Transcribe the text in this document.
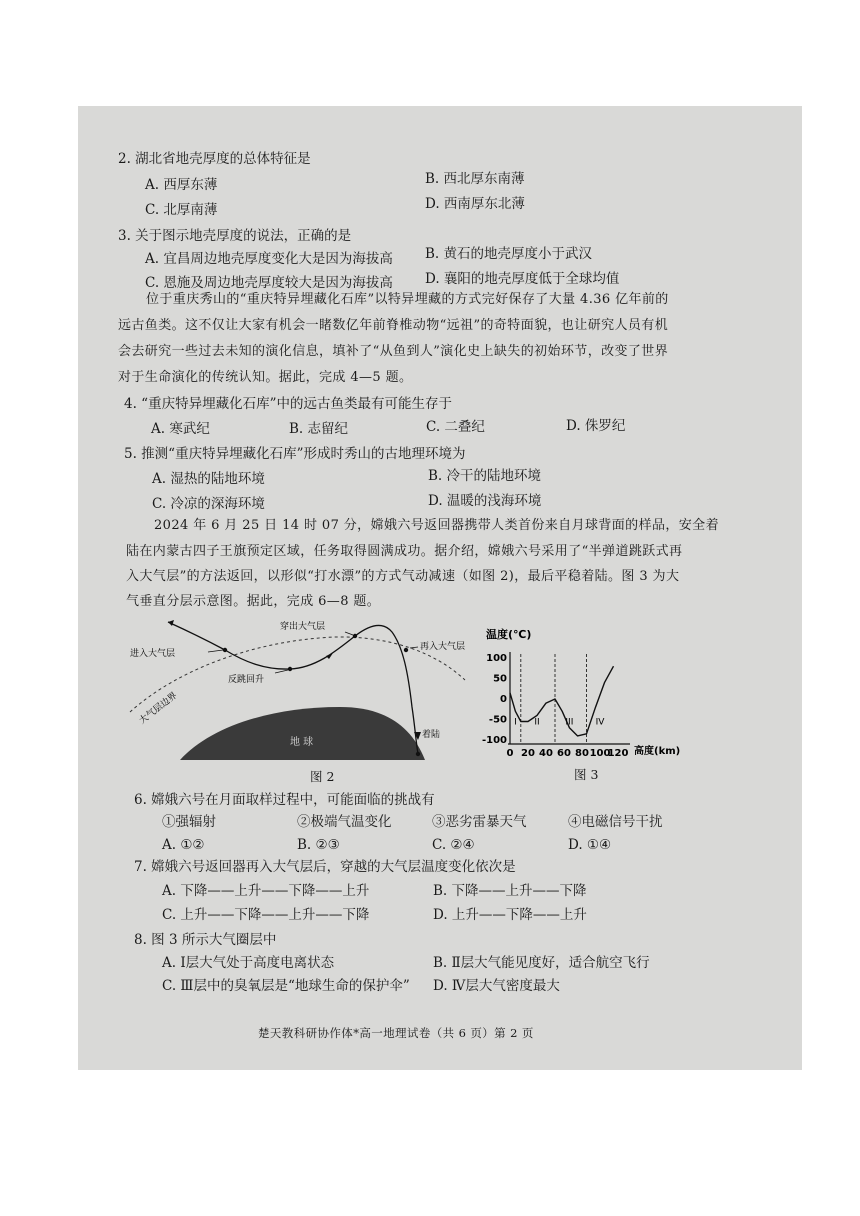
2. 湖北省地壳厚度的总体特征是
A. 西厚东薄	B. 西北厚东南薄
C. 北厚南薄	D. 西南厚东北薄
3. 关于图示地壳厚度的说法，正确的是
A. 宜昌周边地壳厚度变化大是因为海拔高 B. 黄石的地壳厚度小于武汉
C. 恩施及周边地壳厚度较大是因为海拔高 D. 襄阳的地壳厚度低于全球均值
位于重庆秀山的“重庆特异埋藏化石库”以特异埋藏的方式完好保存了大量 4.36 亿年前的
远古鱼类。这不仅让大家有机会一睹数亿年前脊椎动物“远祖”的奇特面貌，也让研究人员有机
会去研究一些过去未知的演化信息，填补了“从鱼到人”演化史上缺失的初始环节，改变了世界
对于生命演化的传统认知。据此，完成 4—5 题。
4. “重庆特异埋藏化石库”中的远古鱼类最有可能生存于
A. 寒武纪	B. 志留纪	C. 二叠纪	D. 侏罗纪
5. 推测“重庆特异埋藏化石库”形成时秀山的古地理环境为
A. 湿热的陆地环境	B. 冷干的陆地环境
C. 冷凉的深海环境	D. 温暖的浅海环境
2024 年 6 月 25 日 14 时 07 分，嫦娥六号返回器携带人类首份来自月球背面的样品，安全着
陆在内蒙古四子王旗预定区域，任务取得圆满成功。据介绍，嫦娥六号采用了“半弹道跳跃式再
入大气层”的方法返回，以形似“打水漂”的方式气动减速（如图 2)，最后平稳着陆。图 3 为大
气垂直分层示意图。据此，完成 6—8 题。
进入大气层
穿出大气层
再入大气层
反跳回升
着陆
地 球
大气层边界
图 2
温度(℃)
高度(km)
100
50
0
-50
-100
0 20 40 60 80 100
120
I II	III IV
图 3
6. 嫦娥六号在月面取样过程中，可能面临的挑战有
①强辐射	②极端气温变化	③恶劣雷暴天气	④电磁信号干扰
A. ①②	B. ②③	C. ②④	D. ①④
7. 嫦娥六号返回器再入大气层后，穿越的大气层温度变化依次是
A. 下降——上升——下降——上升	B. 下降——上升——下降
C. 上升——下降——上升——下降	D. 上升——下降——上升
8. 图 3 所示大气圈层中
A. Ⅰ层大气处于高度电离状态	B. Ⅱ层大气能见度好，适合航空飞行
C. Ⅲ层中的臭氧层是“地球生命的保护伞” D. Ⅳ层大气密度最大
楚天教科研协作体*高一地理试卷（共 6 页）第 2 页
